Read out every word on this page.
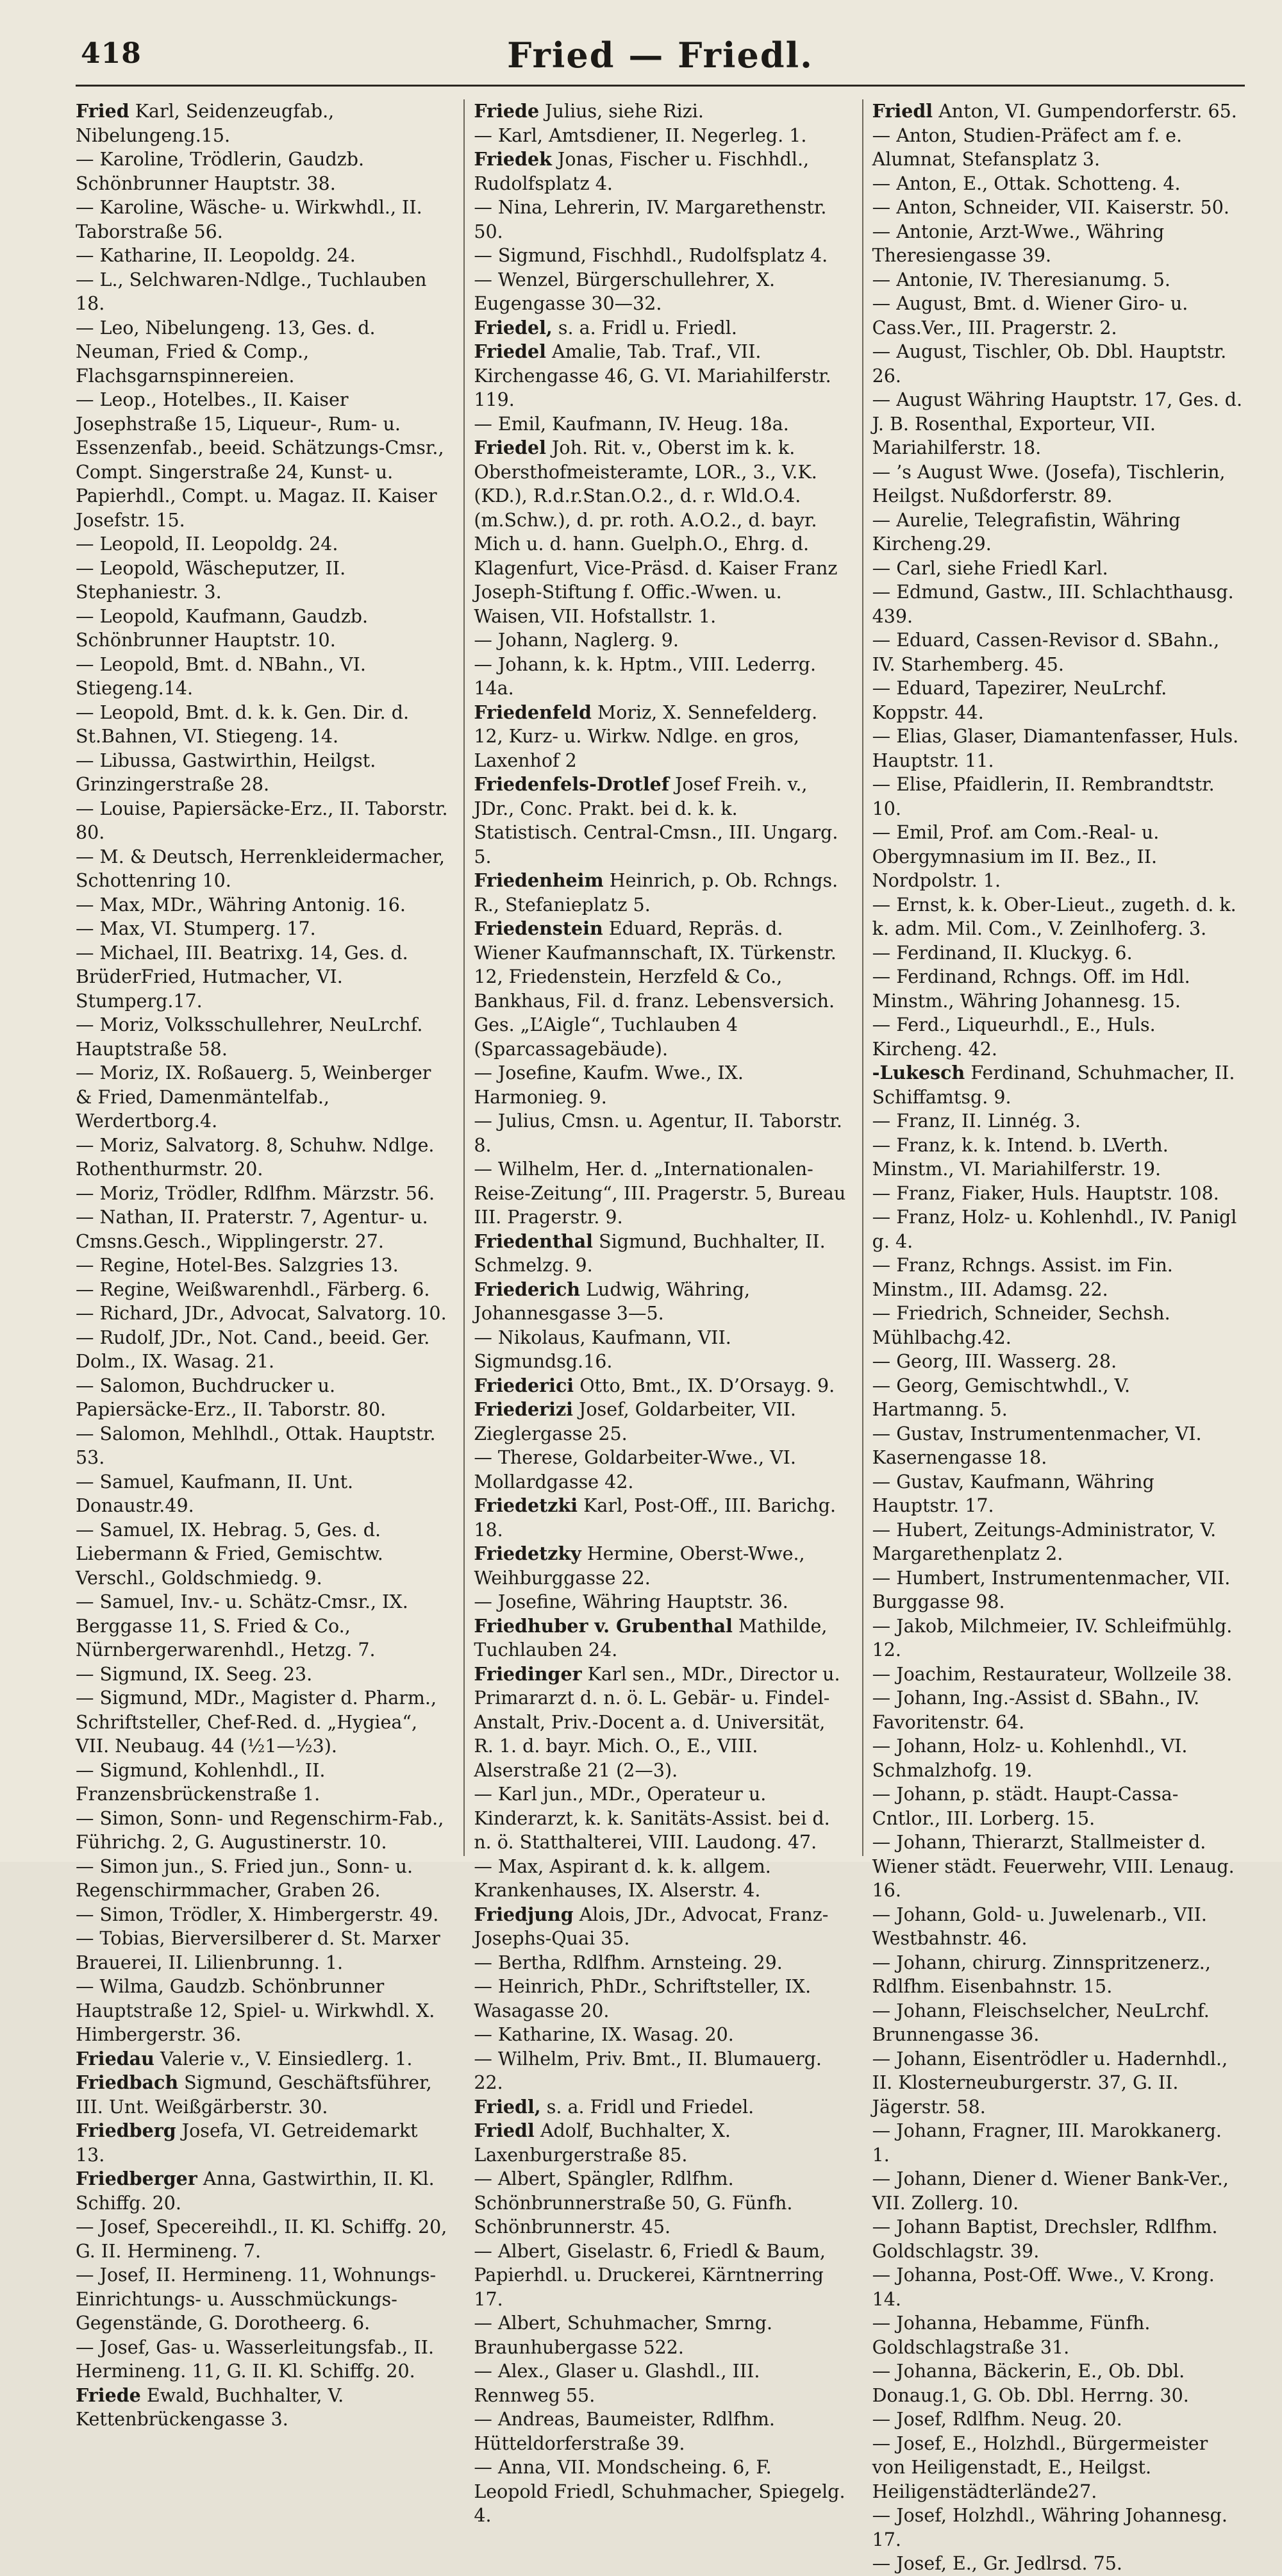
418	Fried — Friedl.

Fried Karl, Seidenzeugfab., Nibelungeng.15.

— Karoline, Trödlerin, Gaudzb. Schönbrunner Hauptstr. 38.

— Karoline, Wäsche- u. Wirkwhdl., II. Taborstraße 56.

— Katharine, II. Leopoldg. 24.

— L., Selchwaren-Ndlge., Tuchlauben 18.

— Leo, Nibelungeng. 13, Ges. d. Neuman, Fried & Comp., Flachsgarnspinnereien.

— Leop., Hotelbes., II. Kaiser Josephstraße 15, Liqueur-, Rum- u. Essenzenfab., beeid. Schätzungs-Cmsr., Compt. Singerstraße 24, Kunst- u. Papierhdl., Compt. u. Magaz. II. Kaiser Josefstr. 15.

— Leopold, II. Leopoldg. 24.

— Leopold, Wäscheputzer, II. Stephaniestr. 3.

— Leopold, Kaufmann, Gaudzb. Schönbrunner Hauptstr. 10.

— Leopold, Bmt. d. NBahn., VI. Stiegeng.14.

— Leopold, Bmt. d. k. k. Gen. Dir. d. St.Bahnen, VI. Stiegeng. 14.

— Libussa, Gastwirthin, Heilgst. Grinzingerstraße 28.

— Louise, Papiersäcke-Erz., II. Taborstr. 80.

— M. & Deutsch, Herrenkleidermacher, Schottenring 10.

— Max, MDr., Währing Antonig. 16.

— Max, VI. Stumperg. 17.

— Michael, III. Beatrixg. 14, Ges. d. BrüderFried, Hutmacher, VI. Stumperg.17.

— Moriz, Volksschullehrer, NeuLrchf. Hauptstraße 58.

— Moriz, IX. Roßauerg. 5, Weinberger & Fried, Damenmäntelfab., Werdertborg.4.

— Moriz, Salvatorg. 8, Schuhw. Ndlge. Rothenthurmstr. 20.

— Moriz, Trödler, Rdlfhm. Märzstr. 56.

— Nathan, II. Praterstr. 7, Agentur- u. Cmsns.Gesch., Wipplingerstr. 27.

— Regine, Hotel-Bes. Salzgries 13.

— Regine, Weißwarenhdl., Färberg. 6.

— Richard, JDr., Advocat, Salvatorg. 10.

— Rudolf, JDr., Not. Cand., beeid. Ger. Dolm., IX. Wasag. 21.

— Salomon, Buchdrucker u. Papiersäcke-Erz., II. Taborstr. 80.

— Salomon, Mehlhdl., Ottak. Hauptstr. 53.

— Samuel, Kaufmann, II. Unt. Donaustr.49.

— Samuel, IX. Hebrag. 5, Ges. d. Liebermann & Fried, Gemischtw. Verschl., Goldschmiedg. 9.

— Samuel, Inv.- u. Schätz-Cmsr., IX. Berggasse 11, S. Fried & Co., Nürnbergerwarenhdl., Hetzg. 7.

— Sigmund, IX. Seeg. 23.

— Sigmund, MDr., Magister d. Pharm., Schriftsteller, Chef-Red. d. „Hygiea“, VII. Neubaug. 44 (½1—½3).

— Sigmund, Kohlenhdl., II. Franzensbrückenstraße 1.

— Simon, Sonn- und Regenschirm-Fab., Führichg. 2, G. Augustinerstr. 10.

— Simon jun., S. Fried jun., Sonn- u. Regenschirmmacher, Graben 26.

— Simon, Trödler, X. Himbergerstr. 49.

— Tobias, Bierversilberer d. St. Marxer Brauerei, II. Lilienbrunng. 1.

— Wilma, Gaudzb. Schönbrunner Hauptstraße 12, Spiel- u. Wirkwhdl. X. Himbergerstr. 36.

Friedau Valerie v., V. Einsiedlerg. 1.

Friedbach Sigmund, Geschäftsführer, III. Unt. Weißgärberstr. 30.

Friedberg Josefa, VI. Getreidemarkt 13.

Friedberger Anna, Gastwirthin, II. Kl. Schiffg. 20.

— Josef, Specereihdl., II. Kl. Schiffg. 20, G. II. Hermineng. 7.

— Josef, II. Hermineng. 11, Wohnungs-Einrichtungs- u. Ausschmückungs-Gegenstände, G. Dorotheerg. 6.

— Josef, Gas- u. Wasserleitungsfab., II. Hermineng. 11, G. II. Kl. Schiffg. 20.

Friede Ewald, Buchhalter, V. Kettenbrückengasse 3.

Friede Julius, siehe Rizi.

— Karl, Amtsdiener, II. Negerleg. 1.

Friedek Jonas, Fischer u. Fischhdl., Rudolfsplatz 4.

— Nina, Lehrerin, IV. Margarethenstr. 50.

— Sigmund, Fischhdl., Rudolfsplatz 4.

— Wenzel, Bürgerschullehrer, X. Eugengasse 30—32.

Friedel, s. a. Fridl u. Friedl.

Friedel Amalie, Tab. Traf., VII. Kirchengasse 46, G. VI. Mariahilferstr. 119.

— Emil, Kaufmann, IV. Heug. 18a.

Friedel Joh. Rit. v., Oberst im k. k. Obersthofmeisteramte, LOR., 3., V.K.(KD.), R.d.r.Stan.O.2., d. r. Wld.O.4. (m.Schw.), d. pr. roth. A.O.2., d. bayr. Mich u. d. hann. Guelph.O., Ehrg. d. Klagenfurt, Vice-Präsd. d. Kaiser Franz Joseph-Stiftung f. Offic.-Wwen. u. Waisen, VII. Hofstallstr. 1.

— Johann, Naglerg. 9.

— Johann, k. k. Hptm., VIII. Lederrg. 14a.

Friedenfeld Moriz, X. Sennefelderg. 12, Kurz- u. Wirkw. Ndlge. en gros, Laxenhof 2

Friedenfels-Drotlef Josef Freih. v., JDr., Conc. Prakt. bei d. k. k. Statistisch. Central-Cmsn., III. Ungarg. 5.

Friedenheim Heinrich, p. Ob. Rchngs. R., Stefanieplatz 5.

Friedenstein Eduard, Repräs. d. Wiener Kaufmannschaft, IX. Türkenstr. 12, Friedenstein, Herzfeld & Co., Bankhaus, Fil. d. franz. Lebensversich. Ges. „L’Aigle“, Tuchlauben 4 (Sparcassagebäude).

— Josefine, Kaufm. Wwe., IX. Harmonieg. 9.

— Julius, Cmsn. u. Agentur, II. Taborstr. 8.

— Wilhelm, Her. d. „Internationalen-Reise-Zeitung“, III. Pragerstr. 5, Bureau III. Pragerstr. 9.

Friedenthal Sigmund, Buchhalter, II. Schmelzg. 9.

Friederich Ludwig, Währing, Johannesgasse 3—5.

— Nikolaus, Kaufmann, VII. Sigmundsg.16.

Friederici Otto, Bmt., IX. D’Orsayg. 9.

Friederizi Josef, Goldarbeiter, VII. Zieglergasse 25.

— Therese, Goldarbeiter-Wwe., VI. Mollardgasse 42.

Friedetzki Karl, Post-Off., III. Barichg. 18.

Friedetzky Hermine, Oberst-Wwe., Weihburggasse 22.

— Josefine, Währing Hauptstr. 36.

Friedhuber v. Grubenthal Mathilde, Tuchlauben 24.

Friedinger Karl sen., MDr., Director u. Primararzt d. n. ö. L. Gebär- u. Findel-Anstalt, Priv.-Docent a. d. Universität, R. 1. d. bayr. Mich. O., E., VIII. Alserstraße 21 (2—3).

— Karl jun., MDr., Operateur u. Kinderarzt, k. k. Sanitäts-Assist. bei d. n. ö. Statthalterei, VIII. Laudong. 47.

— Max, Aspirant d. k. k. allgem. Krankenhauses, IX. Alserstr. 4.

Friedjung Alois, JDr., Advocat, Franz-Josephs-Quai 35.

— Bertha, Rdlfhm. Arnsteing. 29.

— Heinrich, PhDr., Schriftsteller, IX. Wasagasse 20.

— Katharine, IX. Wasag. 20.

— Wilhelm, Priv. Bmt., II. Blumauerg. 22.

Friedl, s. a. Fridl und Friedel.

Friedl Adolf, Buchhalter, X. Laxenburgerstraße 85.

— Albert, Spängler, Rdlfhm. Schönbrunnerstraße 50, G. Fünfh. Schönbrunnerstr. 45.

— Albert, Giselastr. 6, Friedl & Baum, Papierhdl. u. Druckerei, Kärntnerring 17.

— Albert, Schuhmacher, Smrng. Braunhubergasse 522.

— Alex., Glaser u. Glashdl., III. Rennweg 55.

— Andreas, Baumeister, Rdlfhm. Hütteldorferstraße 39.

— Anna, VII. Mondscheing. 6, F. Leopold Friedl, Schuhmacher, Spiegelg. 4.

Friedl Anton, VI. Gumpendorferstr. 65.

— Anton, Studien-Präfect am f. e. Alumnat, Stefansplatz 3.

— Anton, E., Ottak. Schotteng. 4.

— Anton, Schneider, VII. Kaiserstr. 50.

— Antonie, Arzt-Wwe., Währing Theresiengasse 39.

— Antonie, IV. Theresianumg. 5.

— August, Bmt. d. Wiener Giro- u. Cass.Ver., III. Pragerstr. 2.

— August, Tischler, Ob. Dbl. Hauptstr. 26.

— August Währing Hauptstr. 17, Ges. d. J. B. Rosenthal, Exporteur, VII. Mariahilferstr. 18.

— ’s August Wwe. (Josefa), Tischlerin, Heilgst. Nußdorferstr. 89.

— Aurelie, Telegrafistin, Währing Kircheng.29.

— Carl, siehe Friedl Karl.

— Edmund, Gastw., III. Schlachthausg. 439.

— Eduard, Cassen-Revisor d. SBahn., IV. Starhemberg. 45.

— Eduard, Tapezirer, NeuLrchf. Koppstr. 44.

— Elias, Glaser, Diamantenfasser, Huls. Hauptstr. 11.

— Elise, Pfaidlerin, II. Rembrandtstr. 10.

— Emil, Prof. am Com.-Real- u. Obergymnasium im II. Bez., II. Nordpolstr. 1.

— Ernst, k. k. Ober-Lieut., zugeth. d. k. k. adm. Mil. Com., V. Zeinlhoferg. 3.

— Ferdinand, II. Kluckyg. 6.

— Ferdinand, Rchngs. Off. im Hdl. Minstm., Währing Johannesg. 15.

— Ferd., Liqueurhdl., E., Huls. Kircheng. 42.

-Lukesch Ferdinand, Schuhmacher, II. Schiffamtsg. 9.

— Franz, II. Linnég. 3.

— Franz, k. k. Intend. b. LVerth. Minstm., VI. Mariahilferstr. 19.

— Franz, Fiaker, Huls. Hauptstr. 108.

— Franz, Holz- u. Kohlenhdl., IV. Panigl g. 4.

— Franz, Rchngs. Assist. im Fin. Minstm., III. Adamsg. 22.

— Friedrich, Schneider, Sechsh. Mühlbachg.42.

— Georg, III. Wasserg. 28.

— Georg, Gemischtwhdl., V. Hartmanng. 5.

— Gustav, Instrumentenmacher, VI. Kasernengasse 18.

— Gustav, Kaufmann, Währing Hauptstr. 17.

— Hubert, Zeitungs-Administrator, V. Margarethenplatz 2.

— Humbert, Instrumentenmacher, VII. Burggasse 98.

— Jakob, Milchmeier, IV. Schleifmühlg. 12.

— Joachim, Restaurateur, Wollzeile 38.

— Johann, Ing.-Assist d. SBahn., IV. Favoritenstr. 64.

— Johann, Holz- u. Kohlenhdl., VI. Schmalzhofg. 19.

— Johann, p. städt. Haupt-Cassa-Cntlor., III. Lorberg. 15.

— Johann, Thierarzt, Stallmeister d. Wiener städt. Feuerwehr, VIII. Lenaug. 16.

— Johann, Gold- u. Juwelenarb., VII. Westbahnstr. 46.

— Johann, chirurg. Zinnspritzenerz., Rdlfhm. Eisenbahnstr. 15.

— Johann, Fleischselcher, NeuLrchf. Brunnengasse 36.

— Johann, Eisentrödler u. Hadernhdl., II. Klosterneuburgerstr. 37, G. II. Jägerstr. 58.

— Johann, Fragner, III. Marokkanerg. 1.

— Johann, Diener d. Wiener Bank-Ver., VII. Zollerg. 10.

— Johann Baptist, Drechsler, Rdlfhm. Goldschlagstr. 39.

— Johanna, Post-Off. Wwe., V. Krong. 14.

— Johanna, Hebamme, Fünfh. Goldschlagstraße 31.

— Johanna, Bäckerin, E., Ob. Dbl. Donaug.1, G. Ob. Dbl. Herrng. 30.

— Josef, Rdlfhm. Neug. 20.

— Josef, E., Holzhdl., Bürgermeister von Heiligenstadt, E., Heilgst. Heiligenstädterlände27.

— Josef, Holzhdl., Währing Johannesg. 17.

— Josef, E., Gr. Jedlrsd. 75.
